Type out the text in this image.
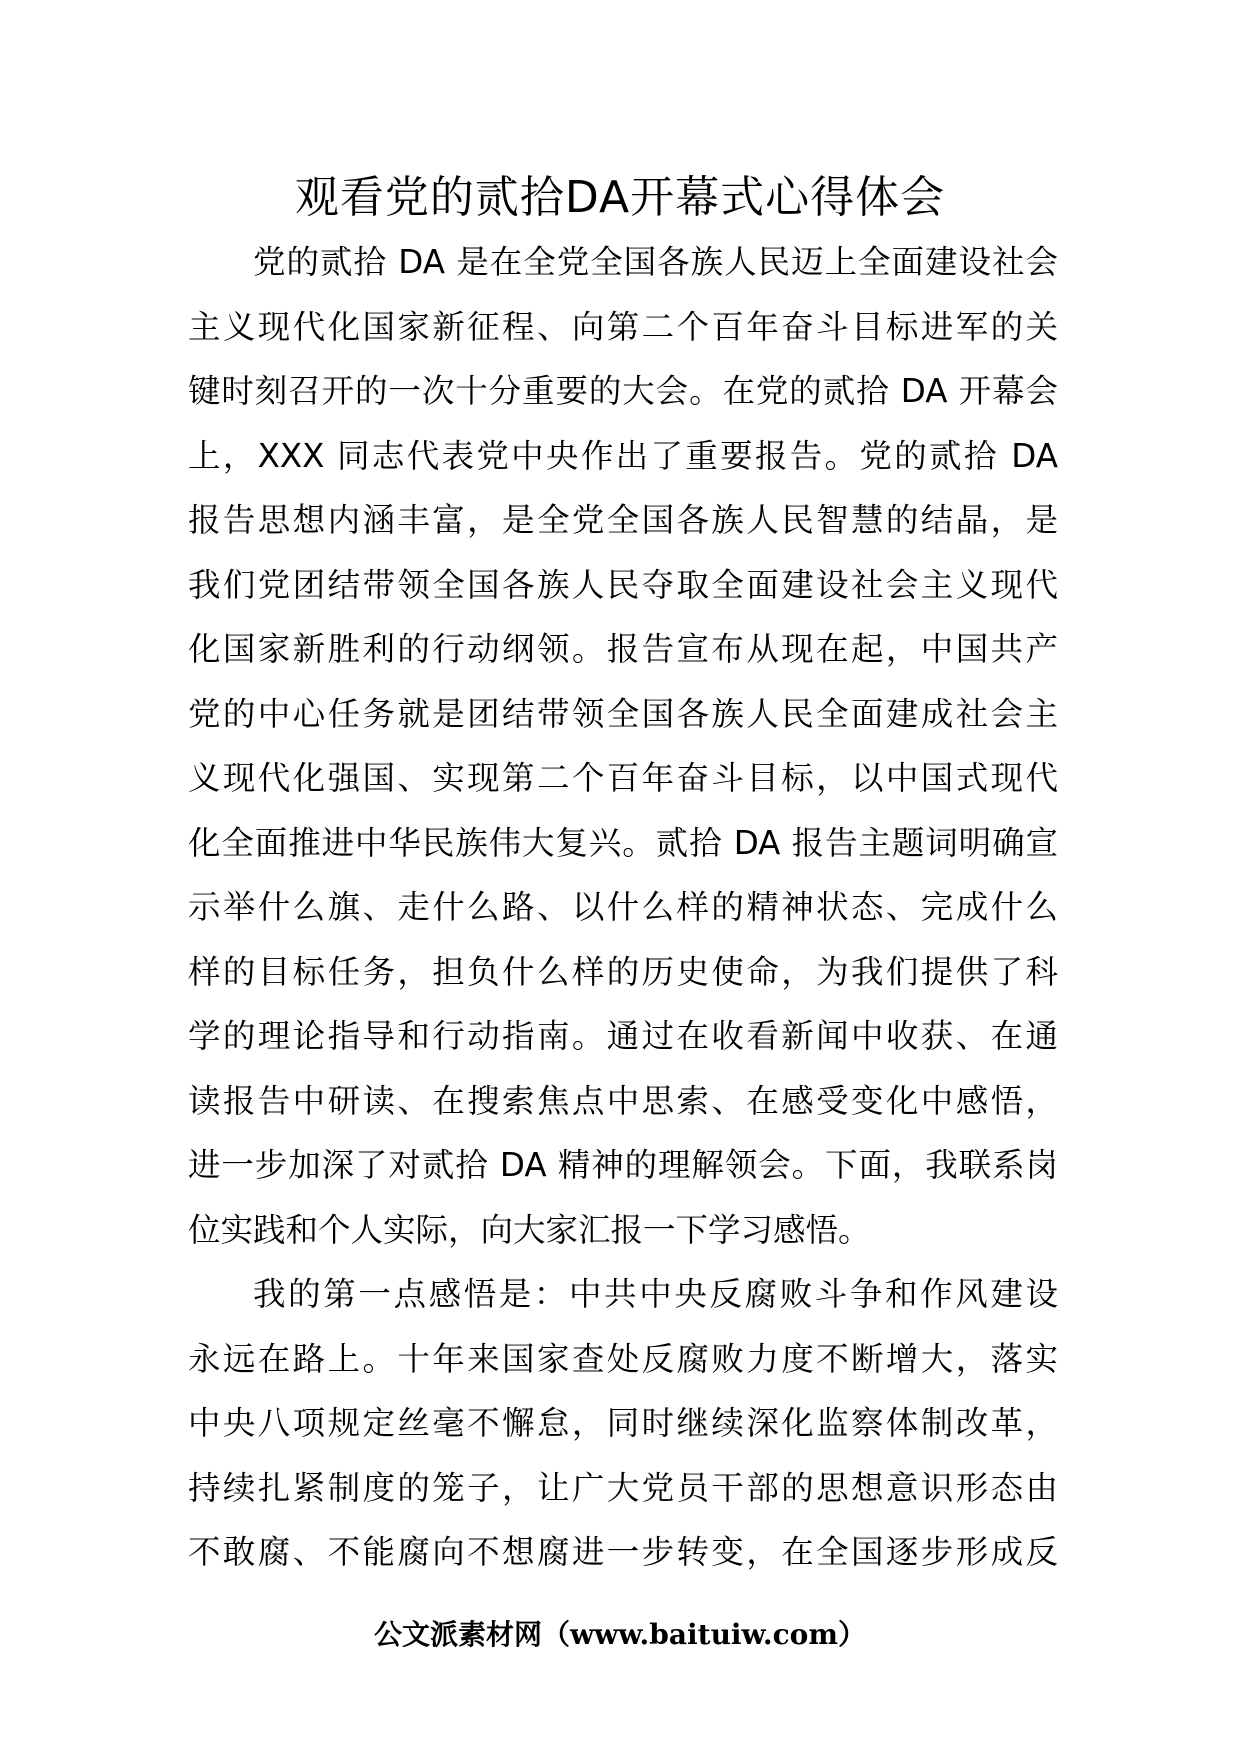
观看党的贰拾DA开幕式心得体会
党的贰拾 DA 是在全党全国各族人民迈上全面建设社会
主义现代化国家新征程、向第二个百年奋斗目标进军的关
键时刻召开的一次十分重要的大会。在党的贰拾 DA 开幕会
上，XXX 同志代表党中央作出了重要报告。党的贰拾 DA
报告思想内涵丰富，是全党全国各族人民智慧的结晶，是
我们党团结带领全国各族人民夺取全面建设社会主义现代
化国家新胜利的行动纲领。报告宣布从现在起，中国共产
党的中心任务就是团结带领全国各族人民全面建成社会主
义现代化强国、实现第二个百年奋斗目标，以中国式现代
化全面推进中华民族伟大复兴。贰拾 DA 报告主题词明确宣
示举什么旗、走什么路、以什么样的精神状态、完成什么
样的目标任务，担负什么样的历史使命，为我们提供了科
学的理论指导和行动指南。通过在收看新闻中收获、在通
读报告中研读、在搜索焦点中思索、在感受变化中感悟，
进一步加深了对贰拾 DA 精神的理解领会。下面，我联系岗
位实践和个人实际，向大家汇报一下学习感悟。
我的第一点感悟是：中共中央反腐败斗争和作风建设
永远在路上。十年来国家查处反腐败力度不断增大，落实
中央八项规定丝毫不懈怠，同时继续深化监察体制改革，
持续扎紧制度的笼子，让广大党员干部的思想意识形态由
不敢腐、不能腐向不想腐进一步转变，在全国逐步形成反
公文派素材网（www.baituiw.com）
